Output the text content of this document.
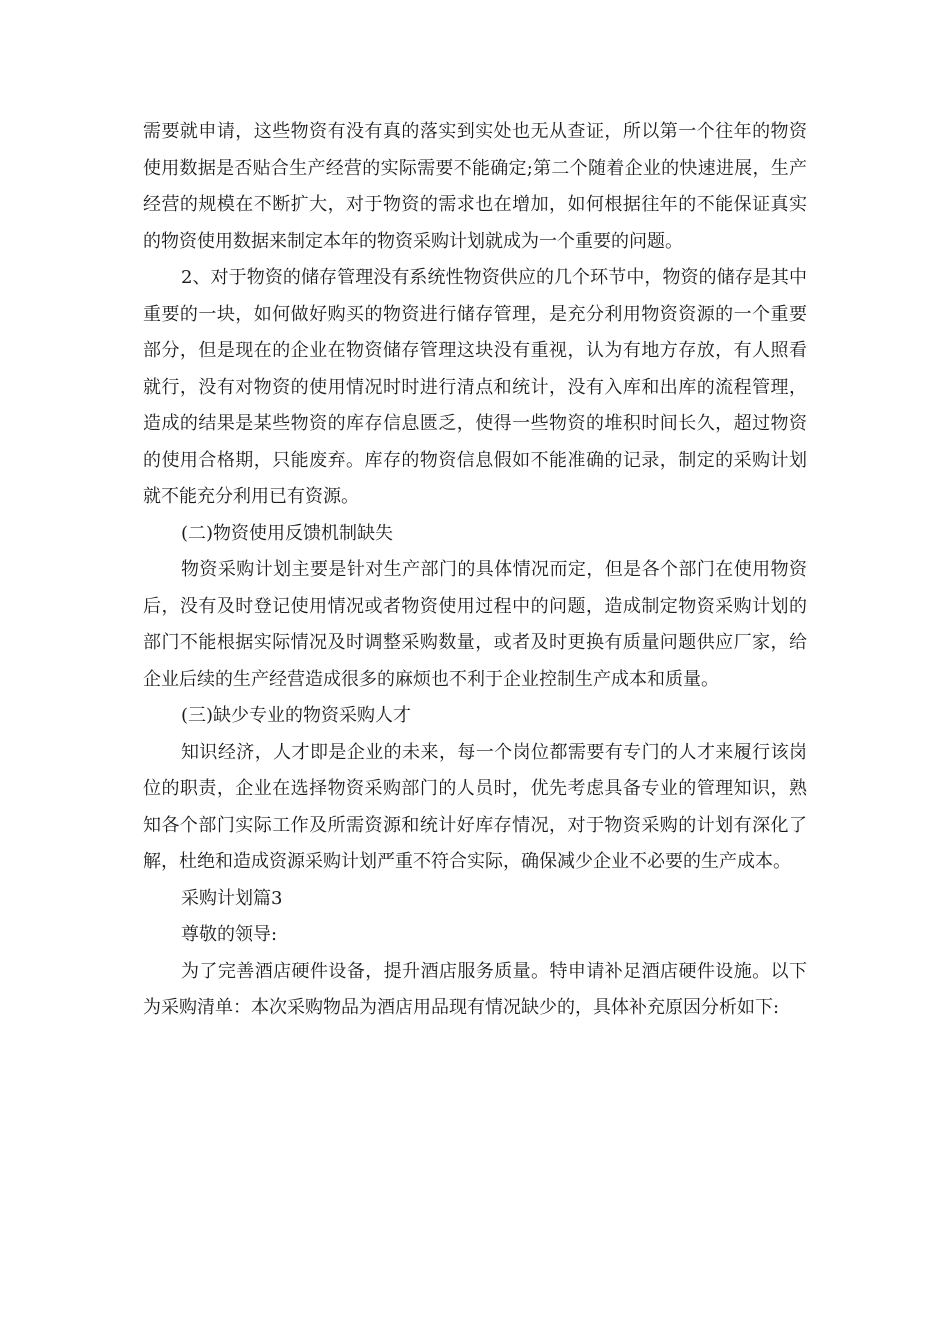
需要就申请，这些物资有没有真的落实到实处也无从查证，所以第一个往年的物资使用数据是否贴合生产经营的实际需要不能确定;第二个随着企业的快速进展，生产经营的规模在不断扩大，对于物资的需求也在增加，如何根据往年的不能保证真实的物资使用数据来制定本年的物资采购计划就成为一个重要的问题。

2、对于物资的储存管理没有系统性物资供应的几个环节中，物资的储存是其中重要的一块，如何做好购买的物资进行储存管理，是充分利用物资资源的一个重要部分，但是现在的企业在物资储存管理这块没有重视，认为有地方存放，有人照看就行，没有对物资的使用情况时时进行清点和统计，没有入库和出库的流程管理，造成的结果是某些物资的库存信息匮乏，使得一些物资的堆积时间长久，超过物资的使用合格期，只能废弃。库存的物资信息假如不能准确的记录，制定的采购计划就不能充分利用已有资源。

(二)物资使用反馈机制缺失

物资采购计划主要是针对生产部门的具体情况而定，但是各个部门在使用物资后，没有及时登记使用情况或者物资使用过程中的问题，造成制定物资采购计划的部门不能根据实际情况及时调整采购数量，或者及时更换有质量问题供应厂家，给企业后续的生产经营造成很多的麻烦也不利于企业控制生产成本和质量。

(三)缺少专业的物资采购人才

知识经济，人才即是企业的未来，每一个岗位都需要有专门的人才来履行该岗位的职责，企业在选择物资采购部门的人员时，优先考虑具备专业的管理知识，熟知各个部门实际工作及所需资源和统计好库存情况，对于物资采购的计划有深化了解，杜绝和造成资源采购计划严重不符合实际，确保减少企业不必要的生产成本。

采购计划篇3

尊敬的领导:

为了完善酒店硬件设备，提升酒店服务质量。特申请补足酒店硬件设施。以下为采购清单：本次采购物品为酒店用品现有情况缺少的，具体补充原因分析如下:
